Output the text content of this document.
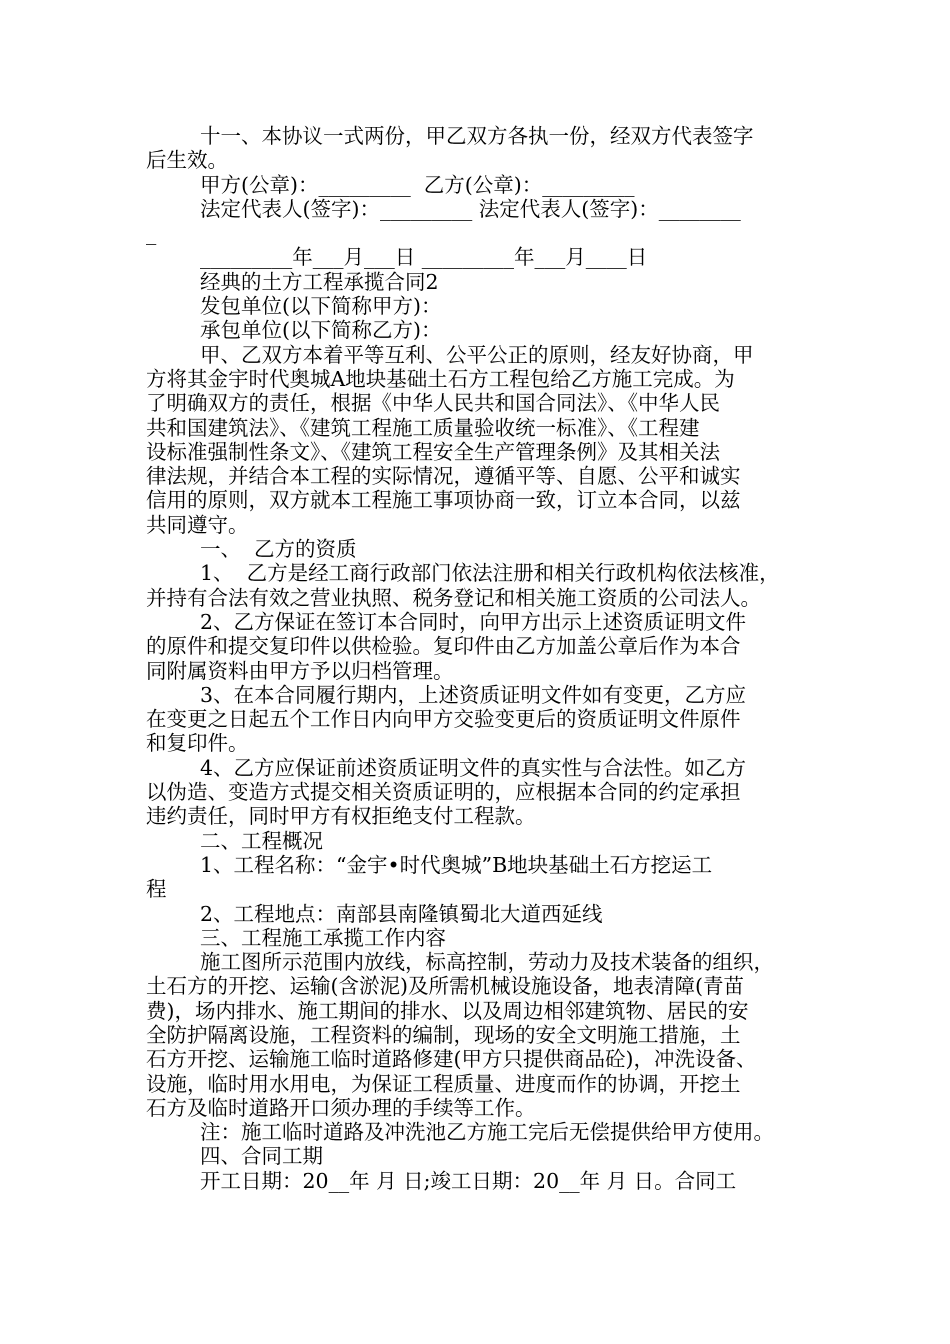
十一、本协议一式两份，甲乙双方各执一份，经双方代表签字

后生效。

甲方(公章)：_________  乙方(公章)：_________

法定代表人(签字)：_________ 法定代表人(签字)：________

_

_________年___月___日 _________年___月____日

经典的土方工程承揽合同2

发包单位(以下简称甲方)：

承包单位(以下简称乙方)：

甲、乙双方本着平等互利、公平公正的原则，经友好协商，甲

方将其金宇时代奥城A地块基础土石方工程包给乙方施工完成。为

了明确双方的责任，根据《中华人民共和国合同法》、《中华人民

共和国建筑法》、《建筑工程施工质量验收统一标准》、《工程建

设标准强制性条文》、《建筑工程安全生产管理条例》及其相关法

律法规，并结合本工程的实际情况，遵循平等、自愿、公平和诚实

信用的原则，双方就本工程施工事项协商一致，订立本合同，以兹

共同遵守。

一、  乙方的资质

1、  乙方是经工商行政部门依法注册和相关行政机构依法核准，

并持有合法有效之营业执照、税务登记和相关施工资质的公司法人。

2、乙方保证在签订本合同时，向甲方出示上述资质证明文件

的原件和提交复印件以供检验。复印件由乙方加盖公章后作为本合

同附属资料由甲方予以归档管理。

3、在本合同履行期内，上述资质证明文件如有变更，乙方应

在变更之日起五个工作日内向甲方交验变更后的资质证明文件原件

和复印件。

4、乙方应保证前述资质证明文件的真实性与合法性。如乙方

以伪造、变造方式提交相关资质证明的，应根据本合同的约定承担

违约责任，同时甲方有权拒绝支付工程款。

二、工程概况

1、工程名称：“金宇•时代奥城”B地块基础土石方挖运工

程

2、工程地点：南部县南隆镇蜀北大道西延线

三、工程施工承揽工作内容

施工图所示范围内放线，标高控制，劳动力及技术装备的组织，

土石方的开挖、运输(含淤泥)及所需机械设施设备，地表清障(青苗

费)，场内排水、施工期间的排水、以及周边相邻建筑物、居民的安

全防护隔离设施，工程资料的编制，现场的安全文明施工措施，土

石方开挖、运输施工临时道路修建(甲方只提供商品砼)，冲洗设备、

设施，临时用水用电，为保证工程质量、进度而作的协调，开挖土

石方及临时道路开口须办理的手续等工作。

注：施工临时道路及冲洗池乙方施工完后无偿提供给甲方使用。

四、合同工期

开工日期：20__年 月 日;竣工日期：20__年 月 日。合同工
